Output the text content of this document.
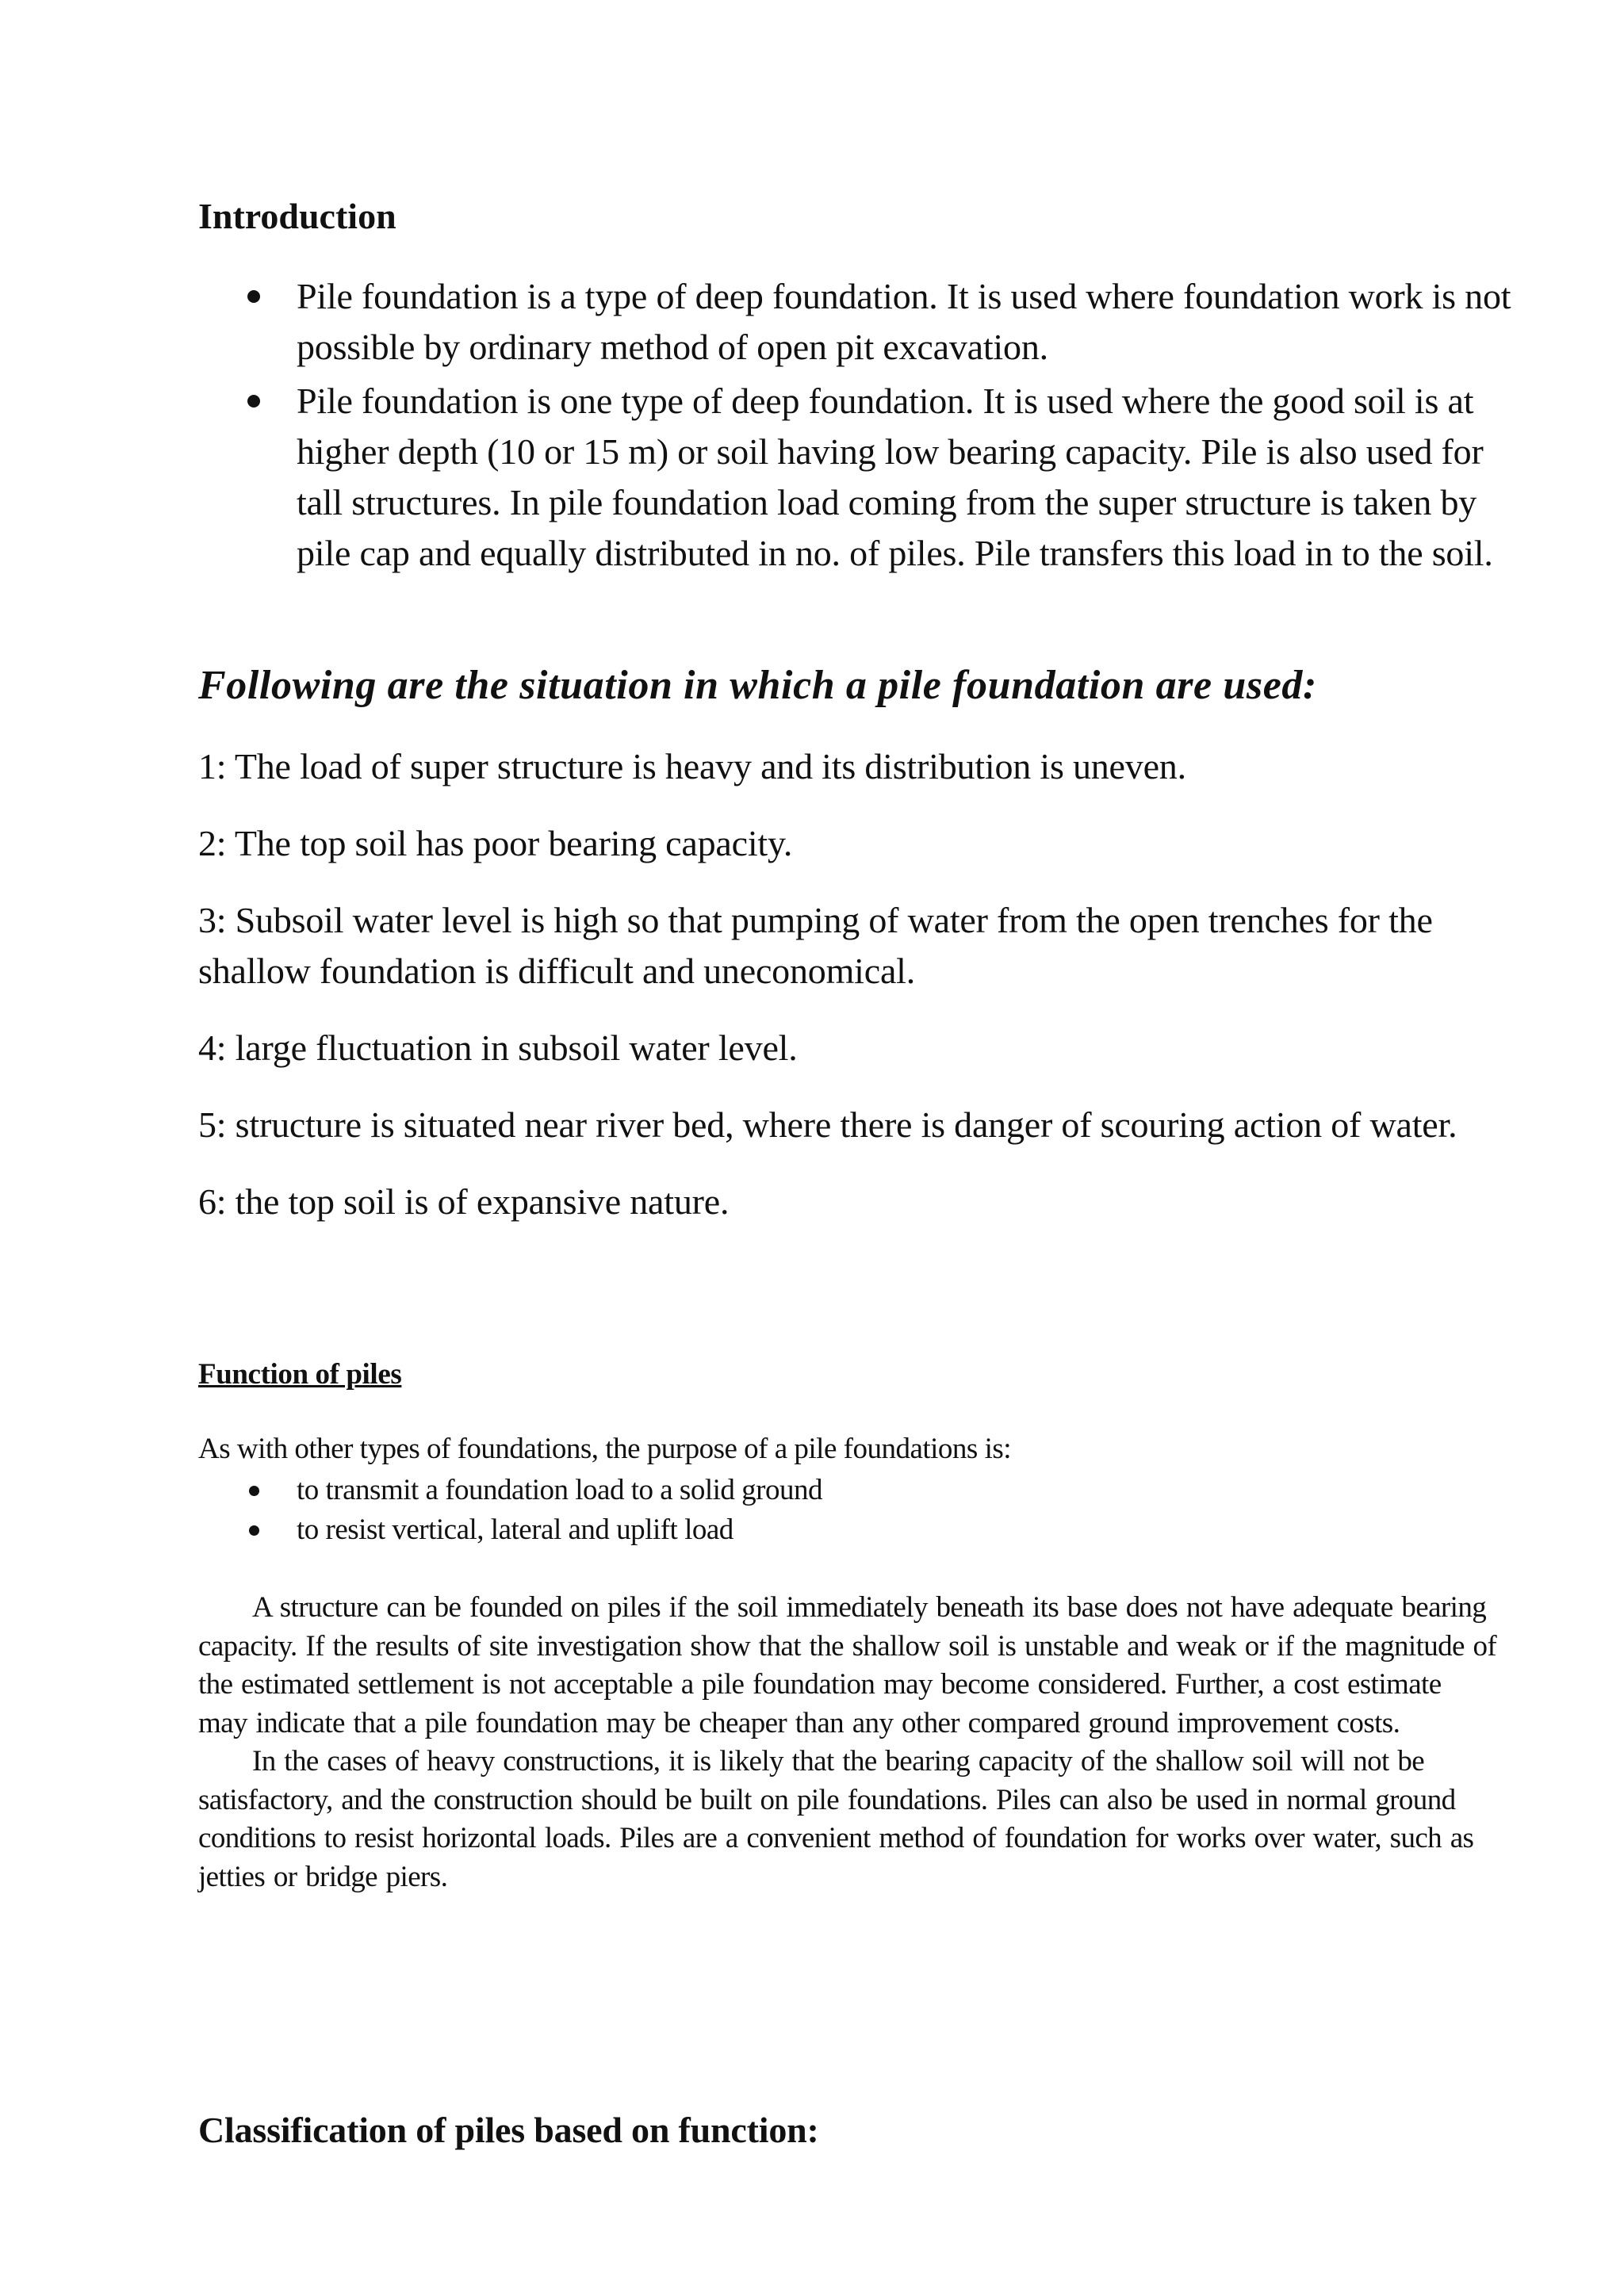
Introduction
Pile foundation is a type of deep foundation. It is used where foundation work is not possible by ordinary method of open pit excavation.
Pile foundation is one type of deep foundation. It is used where the good soil is at higher depth (10 or 15 m) or soil having low bearing capacity. Pile is also used for tall structures. In pile foundation load coming from the super structure is taken by pile cap and equally distributed in no. of piles. Pile transfers this load in to the soil.
Following are the situation in which a pile foundation are used:
1: The load of super structure is heavy and its distribution is uneven.
2: The top soil has poor bearing capacity.
3: Subsoil water level is high so that pumping of water from the open trenches for the shallow foundation is difficult and uneconomical.
4: large fluctuation in subsoil water level.
5: structure is situated near river bed, where there is danger of scouring action of water.
6: the top soil is of expansive nature.
Function of piles

As with other types of foundations, the purpose of a pile foundations is:

to transmit a foundation load to a solid ground
to resist vertical, lateral and uplift load

A structure can be founded on piles if the soil immediately beneath its base does not have adequate bearing capacity. If the results of site investigation show that the shallow soil is unstable and weak or if the magnitude of the estimated settlement is not acceptable a pile foundation may become considered. Further, a cost estimate may indicate that a pile foundation may be cheaper than any other compared ground improvement costs.

In the cases of heavy constructions, it is likely that the bearing capacity of the shallow soil will not be satisfactory, and the construction should be built on pile foundations. Piles can also be used in normal ground conditions to resist horizontal loads. Piles are a convenient method of foundation for works over water, such as jetties or bridge piers.

Classification of piles based on function:
